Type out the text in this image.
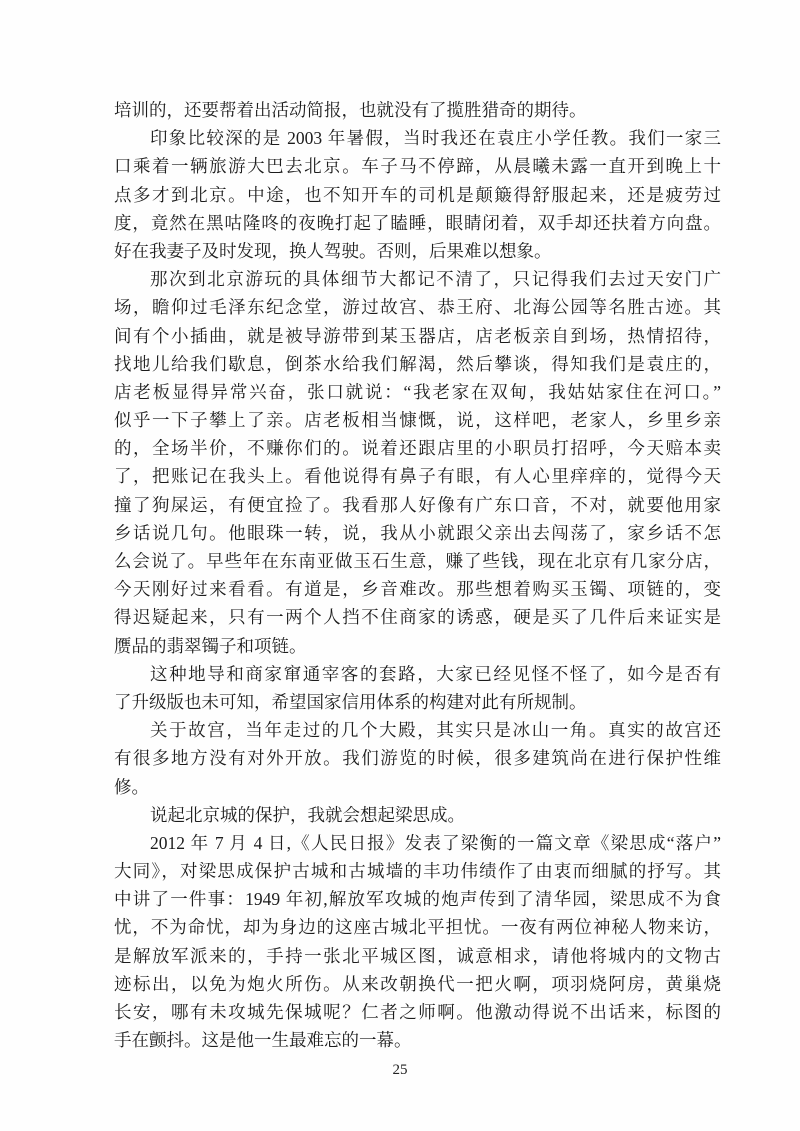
培训的，还要帮着出活动简报，也就没有了揽胜猎奇的期待。
印象比较深的是 2003 年暑假，当时我还在袁庄小学任教。我们一家三
口乘着一辆旅游大巴去北京。车子马不停蹄，从晨曦未露一直开到晚上十
点多才到北京。中途，也不知开车的司机是颠簸得舒服起来，还是疲劳过
度，竟然在黑咕隆咚的夜晚打起了瞌睡，眼睛闭着，双手却还扶着方向盘。
好在我妻子及时发现，换人驾驶。否则，后果难以想象。
那次到北京游玩的具体细节大都记不清了，只记得我们去过天安门广
场，瞻仰过毛泽东纪念堂，游过故宫、恭王府、北海公园等名胜古迹。其
间有个小插曲，就是被导游带到某玉器店，店老板亲自到场，热情招待，
找地儿给我们歇息，倒茶水给我们解渴，然后攀谈，得知我们是袁庄的，
店老板显得异常兴奋，张口就说：“我老家在双甸，我姑姑家住在河口。”
似乎一下子攀上了亲。店老板相当慷慨，说，这样吧，老家人，乡里乡亲
的，全场半价，不赚你们的。说着还跟店里的小职员打招呼，今天赔本卖
了，把账记在我头上。看他说得有鼻子有眼，有人心里痒痒的，觉得今天
撞了狗屎运，有便宜捡了。我看那人好像有广东口音，不对，就要他用家
乡话说几句。他眼珠一转，说，我从小就跟父亲出去闯荡了，家乡话不怎
么会说了。早些年在东南亚做玉石生意，赚了些钱，现在北京有几家分店，
今天刚好过来看看。有道是，乡音难改。那些想着购买玉镯、项链的，变
得迟疑起来，只有一两个人挡不住商家的诱惑，硬是买了几件后来证实是
赝品的翡翠镯子和项链。
这种地导和商家窜通宰客的套路，大家已经见怪不怪了，如今是否有
了升级版也未可知，希望国家信用体系的构建对此有所规制。
关于故宫，当年走过的几个大殿，其实只是冰山一角。真实的故宫还
有很多地方没有对外开放。我们游览的时候，很多建筑尚在进行保护性维
修。
说起北京城的保护，我就会想起梁思成。
2012 年 7 月 4 日,《人民日报》发表了梁衡的一篇文章《梁思成“落户”
大同》，对梁思成保护古城和古城墙的丰功伟绩作了由衷而细腻的抒写。其
中讲了一件事：1949 年初,解放军攻城的炮声传到了清华园，梁思成不为食
忧，不为命忧，却为身边的这座古城北平担忧。一夜有两位神秘人物来访，
是解放军派来的，手持一张北平城区图，诚意相求，请他将城内的文物古
迹标出，以免为炮火所伤。从来改朝换代一把火啊，项羽烧阿房，黄巢烧
长安，哪有未攻城先保城呢？仁者之师啊。他激动得说不出话来，标图的
手在颤抖。这是他一生最难忘的一幕。
25
